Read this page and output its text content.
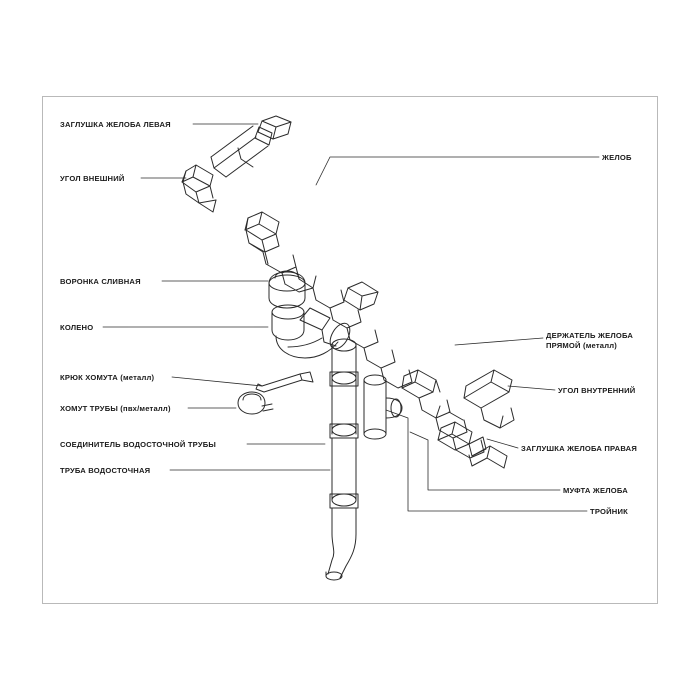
ЗАГЛУШКА ЖЕЛОБА ЛЕВАЯ
УГОЛ ВНЕШНИЙ
ВОРОНКА СЛИВНАЯ
КОЛЕНО
КРЮК ХОМУТА (металл)
ХОМУТ ТРУБЫ (пвх/металл)
СОЕДИНИТЕЛЬ ВОДОСТОЧНОЙ ТРУБЫ
ТРУБА ВОДОСТОЧНАЯ
ЖЕЛОБ
ДЕРЖАТЕЛЬ ЖЕЛОБА
ПРЯМОЙ (металл)
УГОЛ ВНУТРЕННИЙ
ЗАГЛУШКА ЖЕЛОБА ПРАВАЯ
МУФТА ЖЕЛОБА
ТРОЙНИК
